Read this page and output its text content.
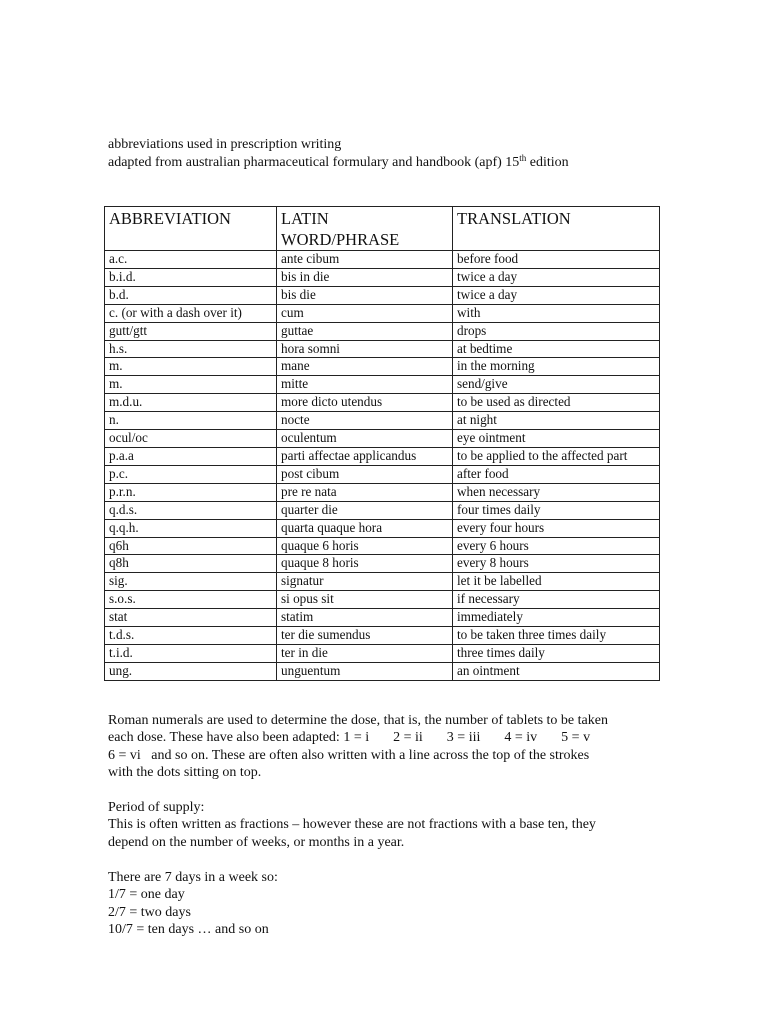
abbreviations used in prescription writing
adapted from australian pharmaceutical formulary and handbook (apf) 15th edition
ABBREVIATION	LATIN WORD/PHRASE	TRANSLATION
a.c.	ante cibum	before food
b.i.d.	bis in die	twice a day
b.d.	bis die	twice a day
c. (or with a dash over it)	cum	with
gutt/gtt	guttae	drops
h.s.	hora somni	at bedtime
m.	mane	in the morning
m.	mitte	send/give
m.d.u.	more dicto utendus	to be used as directed
n.	nocte	at night
ocul/oc	oculentum	eye ointment
p.a.a	parti affectae applicandus	to be applied to the affected part
p.c.	post cibum	after food
p.r.n.	pre re nata	when necessary
q.d.s.	quarter die	four times daily
q.q.h.	quarta quaque hora	every four hours
q6h	quaque 6 horis	every 6 hours
q8h	quaque 8 horis	every 8 hours
sig.	signatur	let it be labelled
s.o.s.	si opus sit	if necessary
stat	statim	immediately
t.d.s.	ter die sumendus	to be taken three times daily
t.i.d.	ter in die	three times daily
ung.	unguentum	an ointment

Roman numerals are used to determine the dose, that is, the number of tablets to be taken

each dose. These have also been adapted: 1 = i 2 = ii 3 = iii 4 = iv 5 = v

6 = vi and so on. These are often also written with a line across the top of the strokes

with the dots sitting on top.

Period of supply:

This is often written as fractions – however these are not fractions with a base ten, they

depend on the number of weeks, or months in a year.

There are 7 days in a week so:

1/7 = one day

2/7 = two days

10/7 = ten days … and so on
